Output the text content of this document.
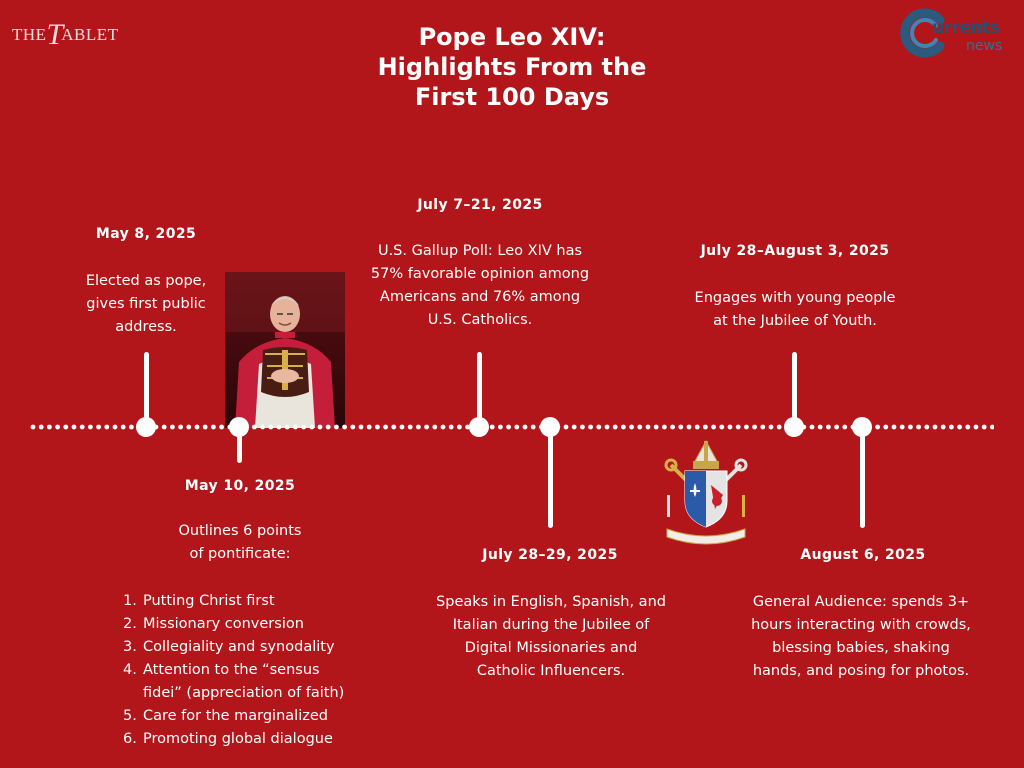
THETABLET	urrents
news
Pope Leo XIV:
Highlights From the
First 100 Days
May 8, 2025
Elected as pope,
gives first public
address.
May 10, 2025
Outlines 6 points
of pontificate:
1. Putting Christ first
2. Missionary conversion
3. Collegiality and synodality
4. Attention to the “sensus
fidei” (appreciation of faith)
5. Care for the marginalized
6. Promoting global dialogue
July 7–21, 2025
U.S. Gallup Poll: Leo XIV has
57% favorable opinion among
Americans and 76% among
U.S. Catholics.
July 28–29, 2025
Speaks in English, Spanish, and
Italian during the Jubilee of
Digital Missionaries and
Catholic Influencers.
July 28–August 3, 2025
Engages with young people
at the Jubilee of Youth.
August 6, 2025
General Audience: spends 3+
hours interacting with crowds,
blessing babies, shaking
hands, and posing for photos.
